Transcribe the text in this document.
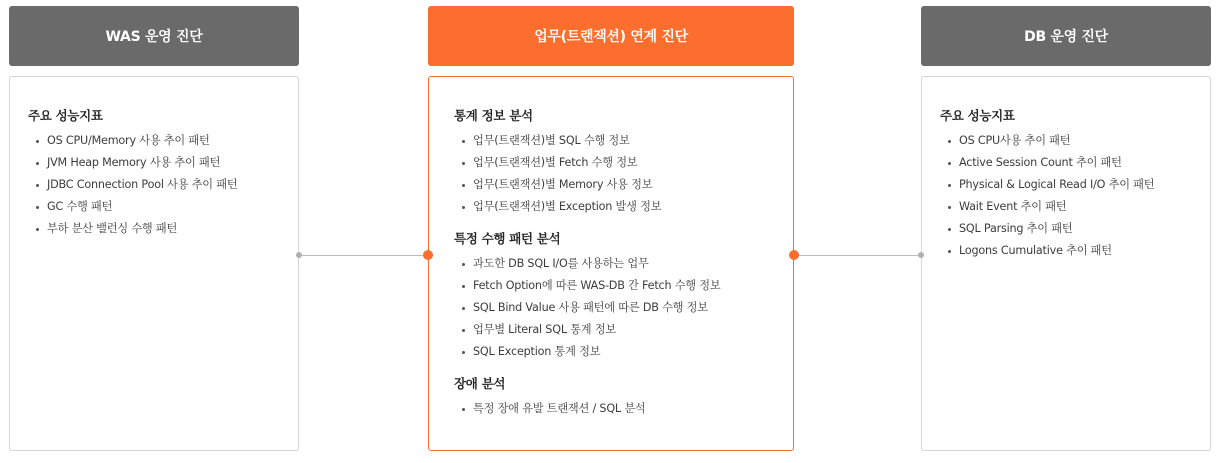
WAS 운영 진단
주요 성능지표
OS CPU/Memory 사용 추이 패턴
JVM Heap Memory 사용 추이 패턴
JDBC Connection Pool 사용 추이 패턴
GC 수행 패턴
부하 분산 밸런싱 수행 패턴
업무(트랜잭션) 연계 진단
통계 정보 분석
업무(트랜잭션)별 SQL 수행 정보
업무(트랜잭션)별 Fetch 수행 정보
업무(트랜잭션)별 Memory 사용 정보
업무(트랜잭션)별 Exception 발생 정보
특정 수행 패턴 분석
과도한 DB SQL I/O를 사용하는 업무
Fetch Option에 따른 WAS-DB 간 Fetch 수행 정보
SQL Bind Value 사용 패턴에 따른 DB 수행 정보
업무별 Literal SQL 통계 정보
SQL Exception 통계 정보
장애 분석
특정 장애 유발 트랜잭션 / SQL 분석
DB 운영 진단
주요 성능지표
OS CPU사용 추이 패턴
Active Session Count 추이 패턴
Physical & Logical Read I/O 추이 패턴
Wait Event 추이 패턴
SQL Parsing 추이 패턴
Logons Cumulative 추이 패턴
